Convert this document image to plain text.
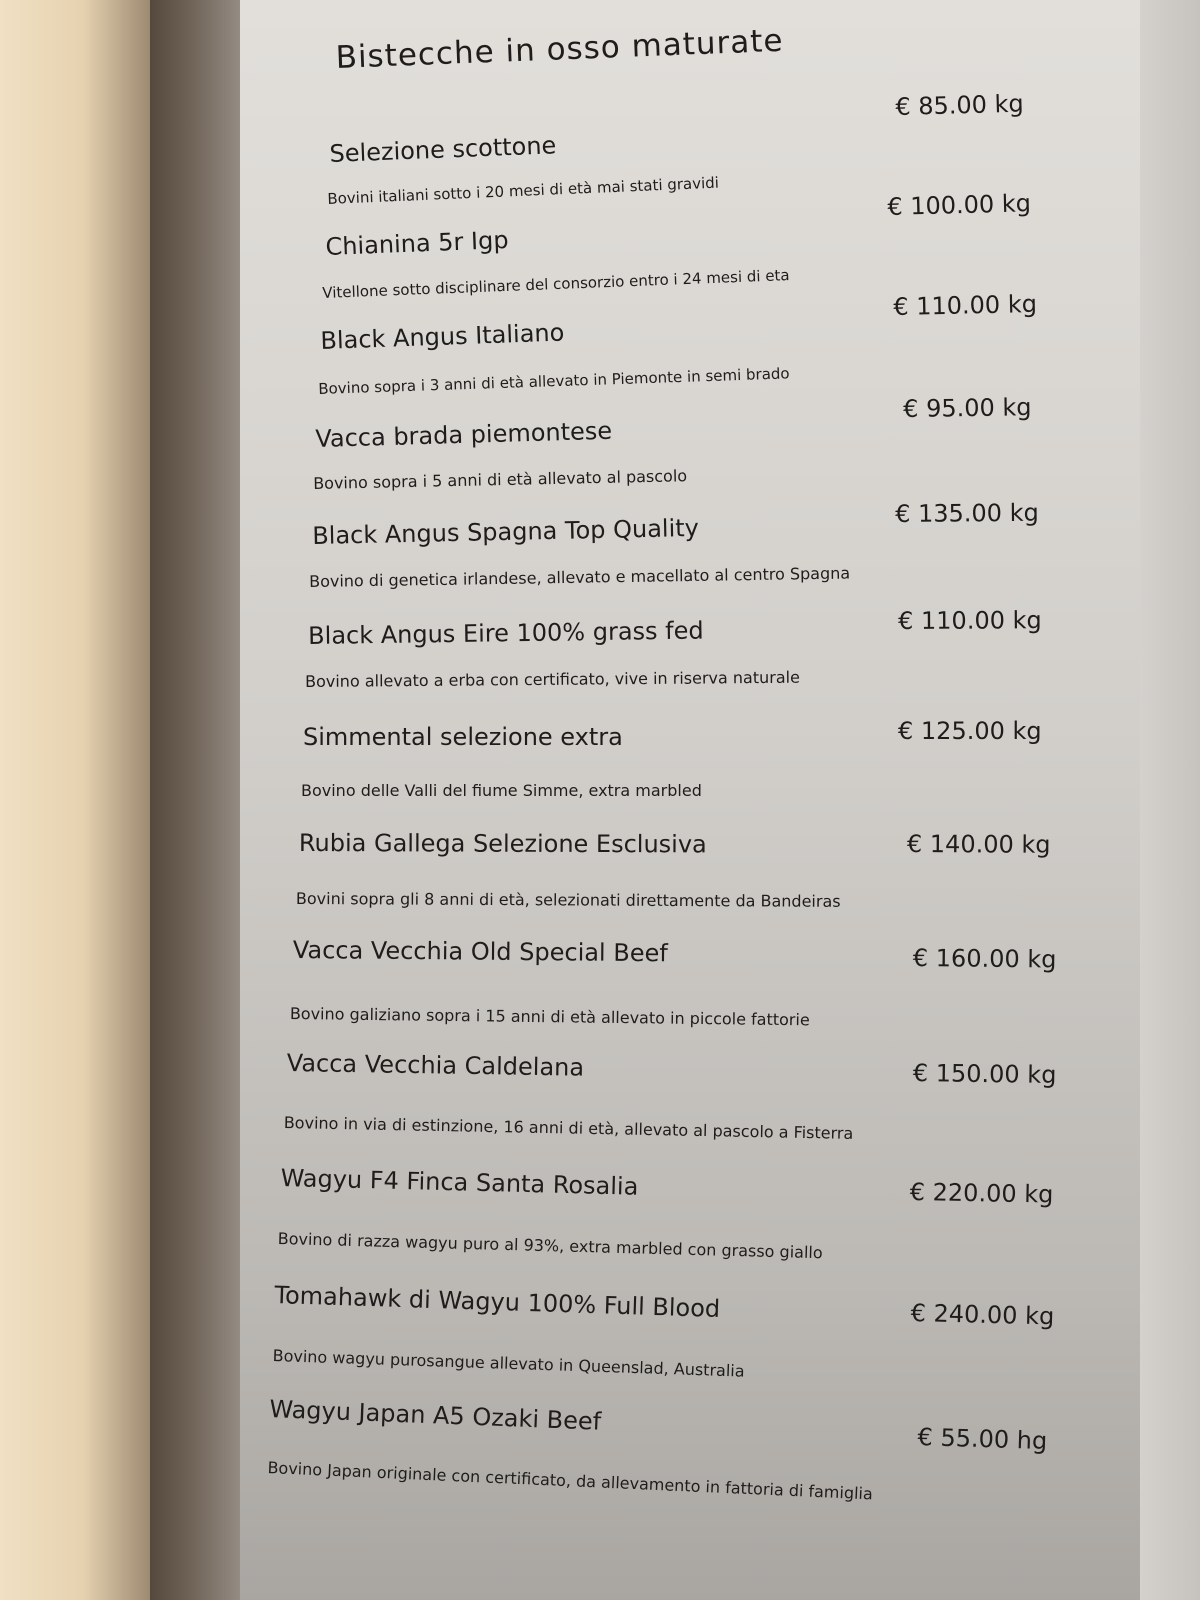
Bistecche in osso maturate
€ 85.00 kg
Selezione scottone
Bovini italiani sotto i 20 mesi di età mai stati gravidi	€ 100.00 kg
Chianina 5r Igp
Vitellone sotto disciplinare del consorzio entro i 24 mesi di eta
€ 110.00 kg
Black Angus Italiano
Bovino sopra i 3 anni di età allevato in Piemonte in semi brado
€ 95.00 kg
Vacca brada piemontese
Bovino sopra i 5 anni di età allevato al pascolo
€ 135.00 kg
Black Angus Spagna Top Quality
Bovino di genetica irlandese, allevato e macellato al centro Spagna
€ 110.00 kg
Black Angus Eire 100% grass fed
Bovino allevato a erba con certificato, vive in riserva naturale
€ 125.00 kg
Simmental selezione extra
Bovino delle Valli del fiume Simme, extra marbled
€ 140.00 kg
Rubia Gallega Selezione Esclusiva
Bovini sopra gli 8 anni di età, selezionati direttamente da Bandeiras
€ 160.00 kg
Vacca Vecchia Old Special Beef
Bovino galiziano sopra i 15 anni di età allevato in piccole fattorie
€ 150.00 kg
Vacca Vecchia Caldelana
Bovino in via di estinzione, 16 anni di età, allevato al pascolo a Fisterra
€ 220.00 kg
Wagyu F4 Finca Santa Rosalia
Bovino di razza wagyu puro al 93%, extra marbled con grasso giallo
€ 240.00 kg
Tomahawk di Wagyu 100% Full Blood
Bovino wagyu purosangue allevato in Queenslad, Australia
€ 55.00 hg
Wagyu Japan A5 Ozaki Beef
Bovino Japan originale con certificato, da allevamento in fattoria di famiglia
